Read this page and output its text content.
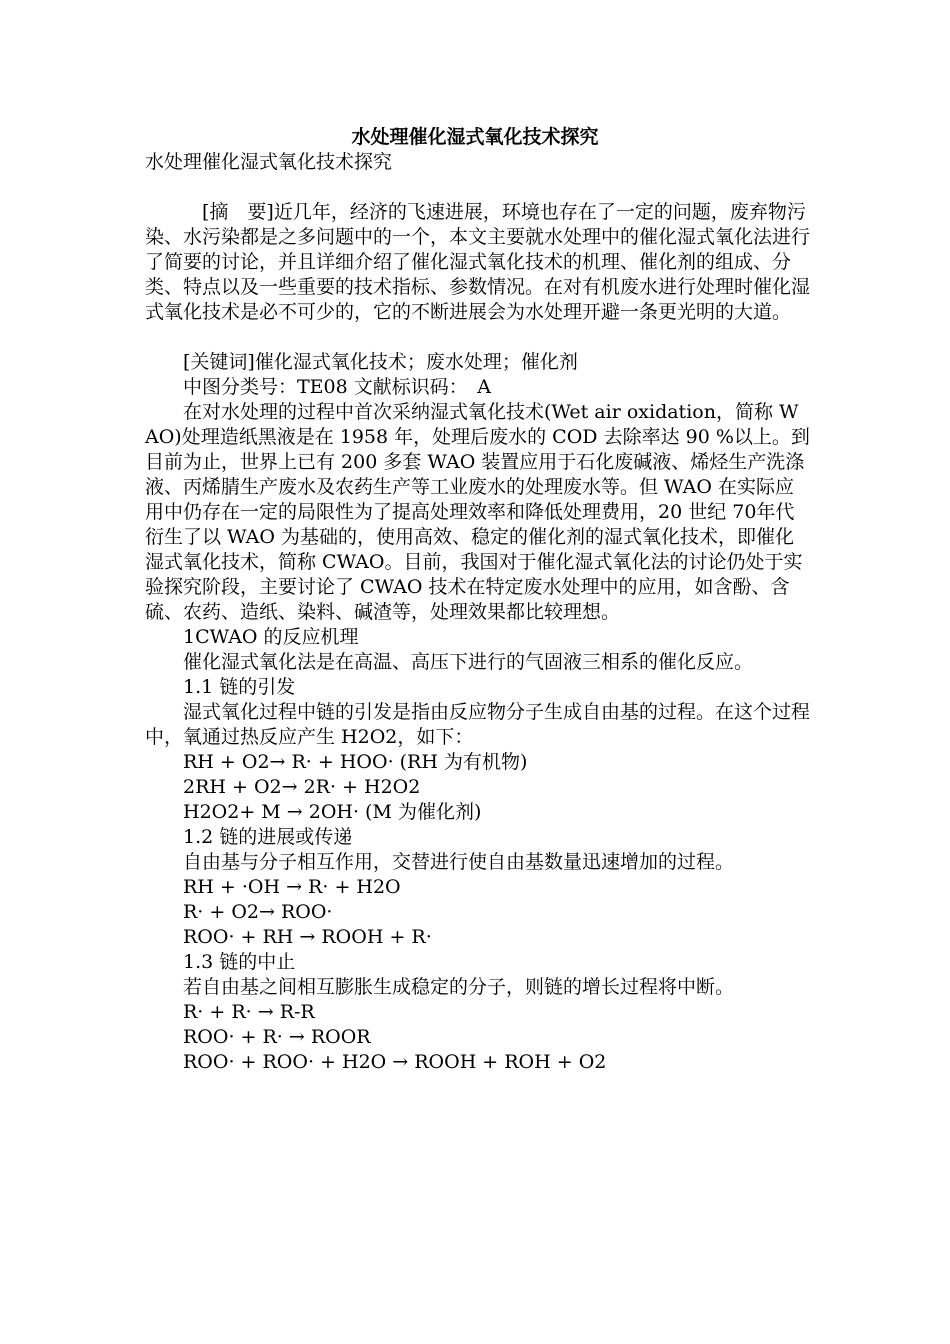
水处理催化湿式氧化技术探究

水处理催化湿式氧化技术探究

[摘　要]近几年，经济的飞速进展，环境也存在了一定的问题，废弃物污染、水污染都是之多问题中的一个，本文主要就水处理中的催化湿式氧化法进行了简要的讨论，并且详细介绍了催化湿式氧化技术的机理、催化剂的组成、分类、特点以及一些重要的技术指标、参数情况。在对有机废水进行处理时催化湿式氧化技术是必不可少的，它的不断进展会为水处理开避一条更光明的大道。

[关键词]催化湿式氧化技术；废水处理；催化剂

中图分类号：TE08 文献标识码：　A

在对水处理的过程中首次采纳湿式氧化技术(Wet air oxidation，简称 WAO)处理造纸黑液是在 1958 年，处理后废水的 COD 去除率达 90 %以上。到目前为止，世界上已有 200 多套 WAO 装置应用于石化废碱液、烯烃生产洗涤液、丙烯腈生产废水及农药生产等工业废水的处理废水等。但 WAO 在实际应用中仍存在一定的局限性为了提高处理效率和降低处理费用，20 世纪 70年代衍生了以 WAO 为基础的，使用高效、稳定的催化剂的湿式氧化技术，即催化湿式氧化技术，简称 CWAO。目前，我国对于催化湿式氧化法的讨论仍处于实验探究阶段，主要讨论了 CWAO 技术在特定废水处理中的应用，如含酚、含硫、农药、造纸、染料、碱渣等，处理效果都比较理想。

1CWAO 的反应机理

催化湿式氧化法是在高温、高压下进行的气固液三相系的催化反应。

1.1 链的引发

湿式氧化过程中链的引发是指由反应物分子生成自由基的过程。在这个过程中，氧通过热反应产生 H2O2，如下：

RH + O2→ R· + HOO· (RH 为有机物)

2RH + O2→ 2R· + H2O2

H2O2+ M → 2OH· (M 为催化剂)

1.2 链的进展或传递

自由基与分子相互作用，交替进行使自由基数量迅速增加的过程。

RH + ·OH → R· + H2O

R· + O2→ ROO·

ROO· + RH → ROOH + R·

1.3 链的中止

若自由基之间相互膨胀生成稳定的分子，则链的增长过程将中断。

R· + R· → R-R

ROO· + R· → ROOR

ROO· + ROO· + H2O → ROOH + ROH + O2
